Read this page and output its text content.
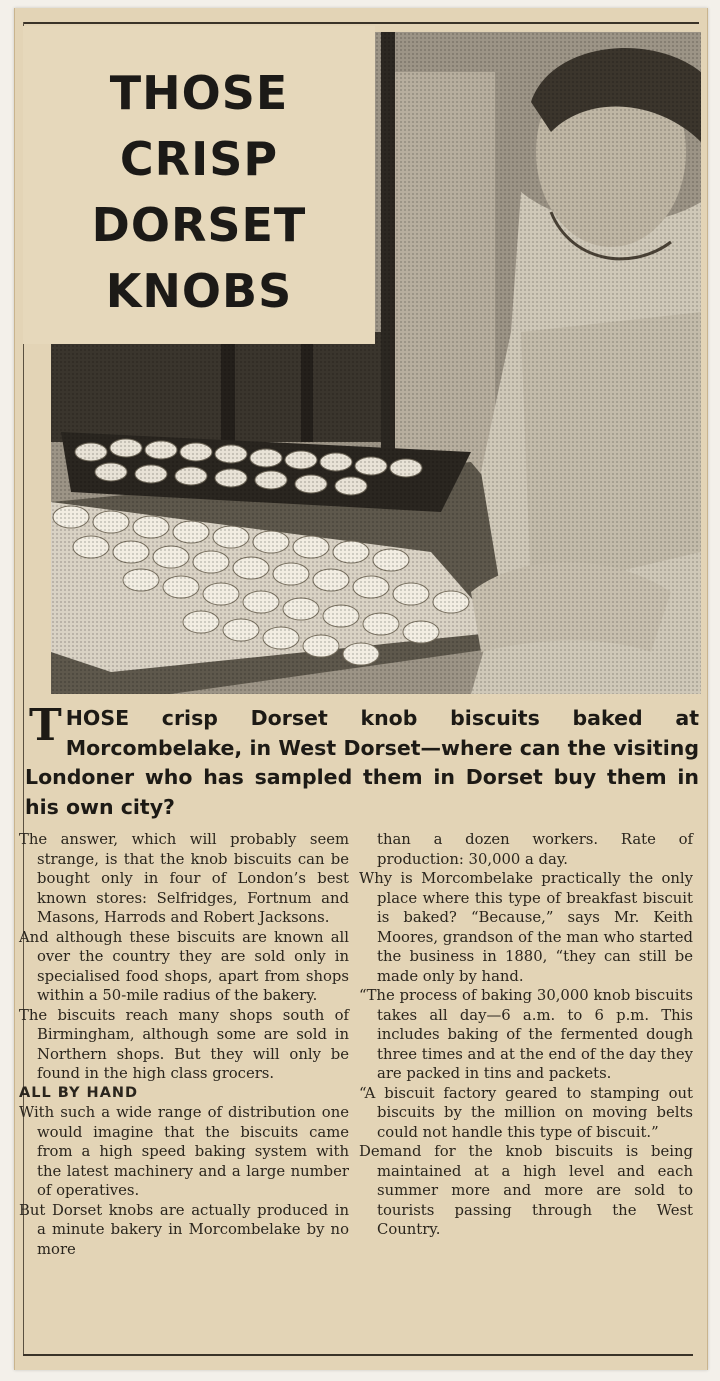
THOSE
CRISP
DORSET
KNOBS

THOSE crisp Dorset knob biscuits baked at Morcombelake, in West Dorset—where can the visiting Londoner who has sampled them in Dorset buy them in his own city?

The answer, which will probably seem strange, is that the knob biscuits can be bought only in four of London’s best known stores: Selfridges, Fortnum and Masons, Harrods and Robert Jacksons.

And although these biscuits are known all over the country they are sold only in specialised food shops, apart from shops within a 50-mile radius of the bakery.

The biscuits reach many shops south of Birmingham, although some are sold in Northern shops. But they will only be found in the high class grocers.

ALL BY HAND

With such a wide range of distribution one would imagine that the biscuits came from a high speed baking system with the latest machinery and a large number of operatives.

But Dorset knobs are actually produced in a minute bakery in Morcombelake by no more

than a dozen workers. Rate of production: 30,000 a day.

Why is Morcombelake practically the only place where this type of breakfast biscuit is baked? “Because,” says Mr. Keith Moores, grandson of the man who started the business in 1880, “they can still be made only by hand.

“The process of baking 30,000 knob biscuits takes all day—6 a.m. to 6 p.m. This includes baking of the fermented dough three times and at the end of the day they are packed in tins and packets.

“A biscuit factory geared to stamping out biscuits by the million on moving belts could not handle this type of biscuit.”

Demand for the knob biscuits is being maintained at a high level and each summer more and more are sold to tourists passing through the West Country.
